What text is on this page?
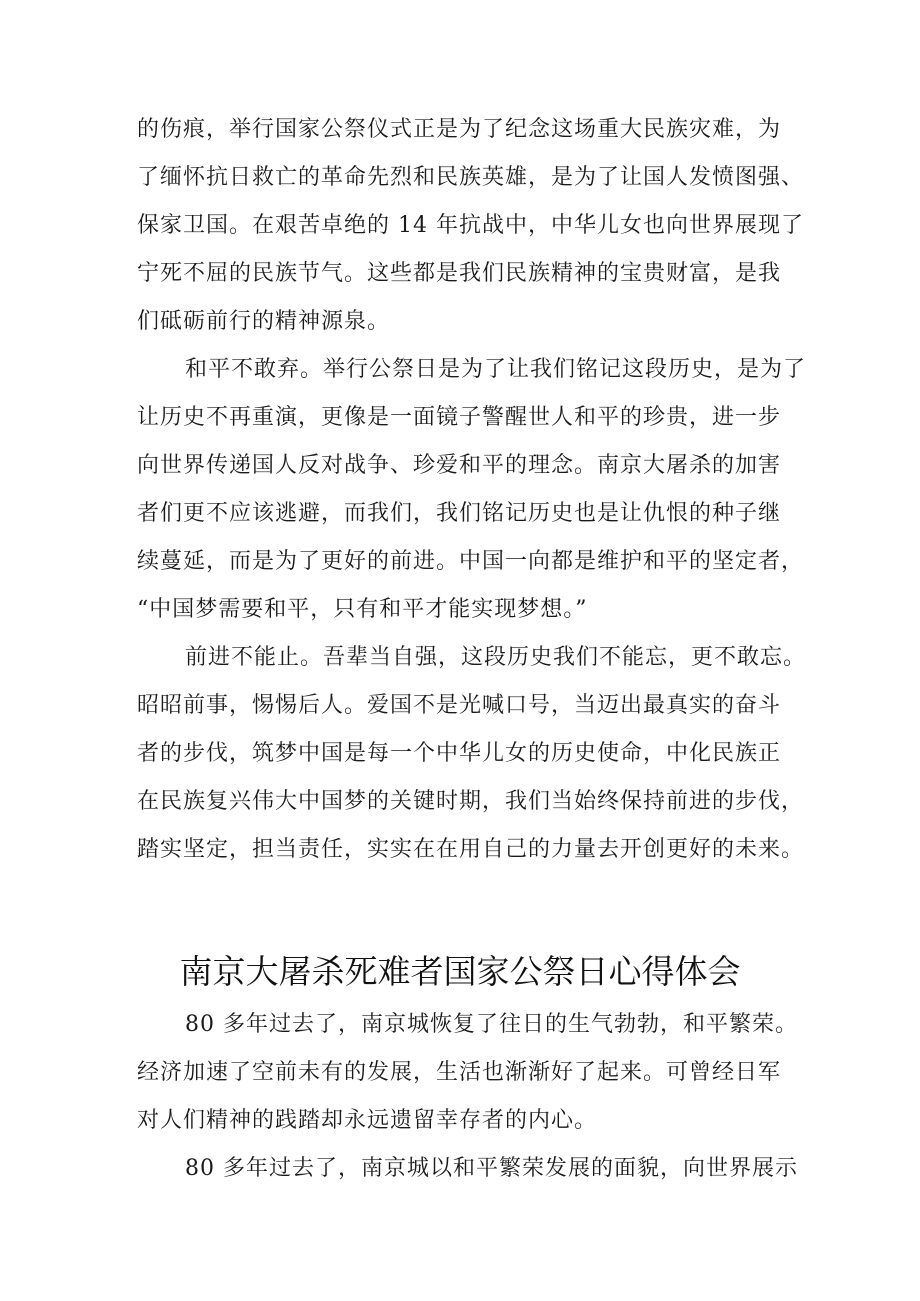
的伤痕，举行国家公祭仪式正是为了纪念这场重大民族灾难，为
了缅怀抗日救亡的革命先烈和民族英雄，是为了让国人发愤图强、
保家卫国。在艰苦卓绝的 14 年抗战中，中华儿女也向世界展现了
宁死不屈的民族节气。这些都是我们民族精神的宝贵财富，是我
们砥砺前行的精神源泉。
和平不敢弃。举行公祭日是为了让我们铭记这段历史，是为了
让历史不再重演，更像是一面镜子警醒世人和平的珍贵，进一步
向世界传递国人反对战争、珍爱和平的理念。南京大屠杀的加害
者们更不应该逃避，而我们，我们铭记历史也是让仇恨的种子继
续蔓延，而是为了更好的前进。中国一向都是维护和平的坚定者，
“中国梦需要和平，只有和平才能实现梦想。”
前进不能止。吾辈当自强，这段历史我们不能忘，更不敢忘。
昭昭前事，惕惕后人。爱国不是光喊口号，当迈出最真实的奋斗
者的步伐，筑梦中国是每一个中华儿女的历史使命，中化民族正
在民族复兴伟大中国梦的关键时期，我们当始终保持前进的步伐，
踏实坚定，担当责任，实实在在用自己的力量去开创更好的未来。
南京大屠杀死难者国家公祭日心得体会
80 多年过去了，南京城恢复了往日的生气勃勃，和平繁荣。
经济加速了空前未有的发展，生活也渐渐好了起来。可曾经日军
对人们精神的践踏却永远遗留幸存者的内心。
80 多年过去了，南京城以和平繁荣发展的面貌，向世界展示
